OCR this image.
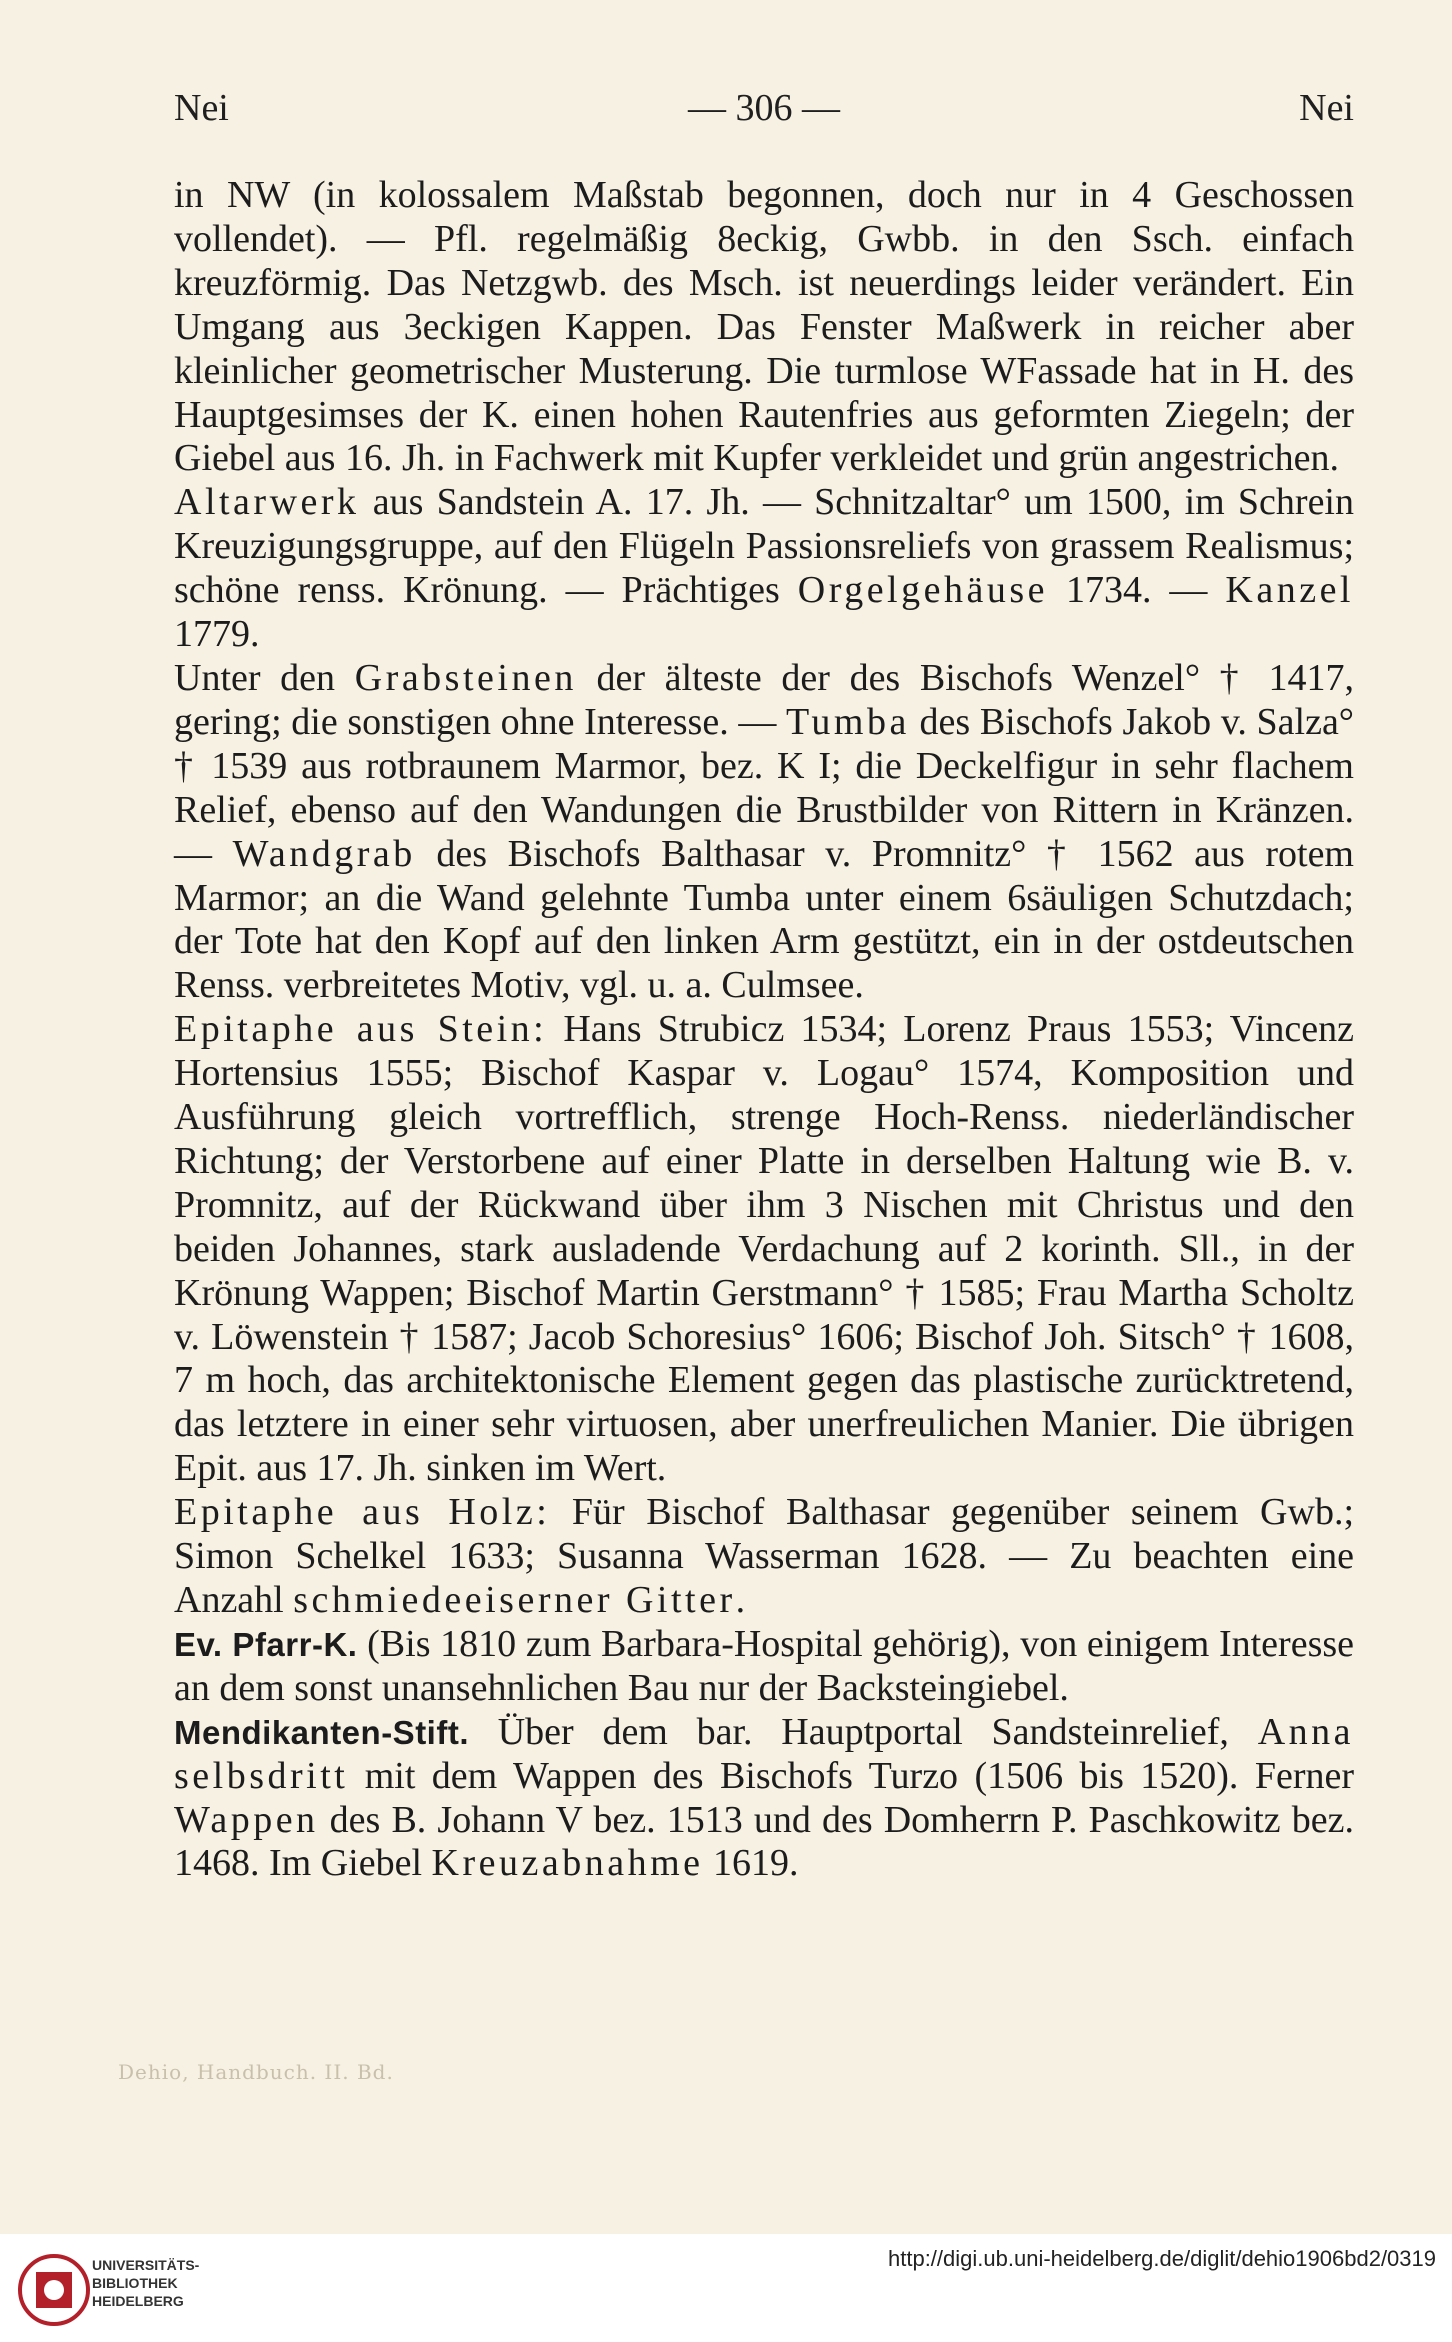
Dehio, Handbuch. II. Bd.
Nei	— 306 —	Nei

in NW (in kolossalem Maßstab begonnen, doch nur in 4 Geschossen vollendet). — Pfl. regelmäßig 8eckig, Gwbb. in den Ssch. einfach kreuzförmig. Das Netzgwb. des Msch. ist neuerdings leider verändert. Ein Umgang aus 3eckigen Kappen. Das Fenster Maßwerk in reicher aber kleinlicher geometrischer Musterung. Die turmlose WFassade hat in H. des Hauptgesimses der K. einen hohen Rautenfries aus geformten Ziegeln; der Giebel aus 16. Jh. in Fachwerk mit Kupfer verkleidet und grün angestrichen.

Altarwerk aus Sandstein A. 17. Jh. — Schnitzaltar° um 1500, im Schrein Kreuzigungsgruppe, auf den Flügeln Passionsreliefs von grassem Realismus; schöne renss. Krönung. — Prächtiges Orgelgehäuse 1734. — Kanzel 1779.

Unter den Grabsteinen der älteste der des Bischofs Wenzel° † 1417, gering; die sonstigen ohne Interesse. — Tumba des Bischofs Jakob v. Salza° † 1539 aus rotbraunem Marmor, bez. K I; die Deckelfigur in sehr flachem Relief, ebenso auf den Wandungen die Brustbilder von Rittern in Kränzen. — Wandgrab des Bischofs Balthasar v. Promnitz° † 1562 aus rotem Marmor; an die Wand gelehnte Tumba unter einem 6säuligen Schutzdach; der Tote hat den Kopf auf den linken Arm gestützt, ein in der ostdeutschen Renss. verbreitetes Motiv, vgl. u. a. Culmsee.

Epitaphe aus Stein: Hans Strubicz 1534; Lorenz Praus 1553; Vincenz Hortensius 1555; Bischof Kaspar v. Logau° 1574, Komposition und Ausführung gleich vortrefflich, strenge Hoch-Renss. niederländischer Richtung; der Verstorbene auf einer Platte in derselben Haltung wie B. v. Promnitz, auf der Rückwand über ihm 3 Nischen mit Christus und den beiden Johannes, stark ausladende Verdachung auf 2 korinth. Sll., in der Krönung Wappen; Bischof Martin Gerstmann° † 1585; Frau Martha Scholtz v. Löwenstein † 1587; Jacob Schoresius° 1606; Bischof Joh. Sitsch° † 1608, 7 m hoch, das architektonische Element gegen das plastische zurücktretend, das letztere in einer sehr virtuosen, aber unerfreulichen Manier. Die übrigen Epit. aus 17. Jh. sinken im Wert.

Epitaphe aus Holz: Für Bischof Balthasar gegenüber seinem Gwb.; Simon Schelkel 1633; Susanna Wasserman 1628. — Zu beachten eine Anzahl schmiedeeiserner Gitter.

Ev. Pfarr-K. (Bis 1810 zum Barbara-Hospital gehörig), von einigem Interesse an dem sonst unansehnlichen Bau nur der Backsteingiebel.

Mendikanten-Stift. Über dem bar. Hauptportal Sandsteinrelief, Anna selbsdritt mit dem Wappen des Bischofs Turzo (1506 bis 1520). Ferner Wappen des B. Johann V bez. 1513 und des Domherrn P. Paschkowitz bez. 1468. Im Giebel Kreuzabnahme 1619.

UNIVERSITÄTS-
BIBLIOTHEK
HEIDELBERG
http://digi.ub.uni-heidelberg.de/diglit/dehio1906bd2/0319
